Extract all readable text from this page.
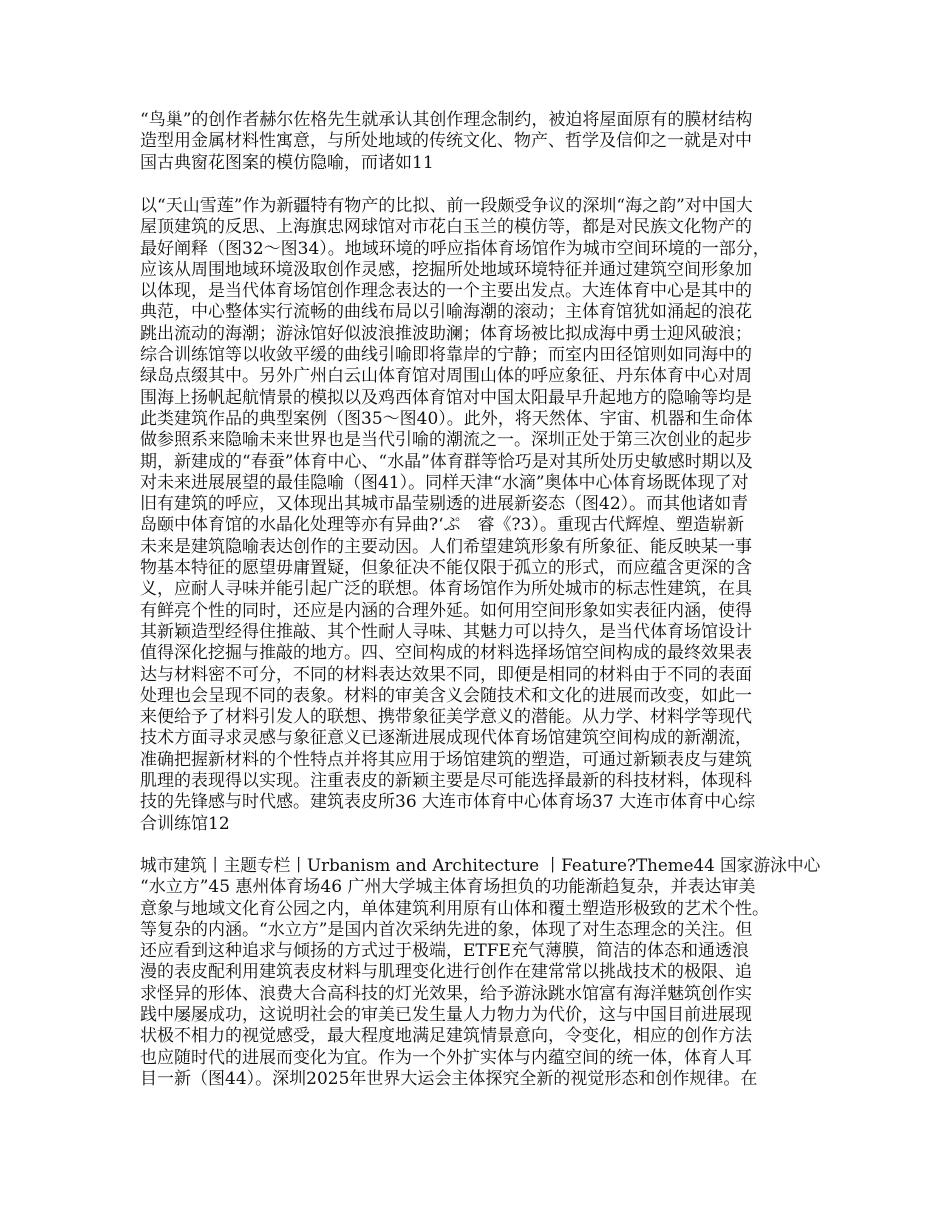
“鸟巢”的创作者赫尔佐格先生就承认其创作理念制约，被迫将屋面原有的膜材结构
造型用金属材料性寓意，与所处地域的传统文化、物产、哲学及信仰之一就是对中
国古典窗花图案的模仿隐喻，而诸如11
以“天山雪莲”作为新疆特有物产的比拟、前一段颇受争议的深圳“海之韵”对中国大
屋顶建筑的反思、上海旗忠网球馆对市花白玉兰的模仿等，都是对民族文化物产的
最好阐释（图32～图34）。地域环境的呼应指体育场馆作为城市空间环境的一部分，
应该从周围地域环境汲取创作灵感，挖掘所处地域环境特征并通过建筑空间形象加
以体现，是当代体育场馆创作理念表达的一个主要出发点。大连体育中心是其中的
典范，中心整体实行流畅的曲线布局以引喻海潮的滚动；主体育馆犹如涌起的浪花
跳出流动的海潮；游泳馆好似波浪推波助澜；体育场被比拟成海中勇士迎风破浪；
综合训练馆等以收敛平缓的曲线引喻即将靠岸的宁静；而室内田径馆则如同海中的
绿岛点缀其中。另外广州白云山体育馆对周围山体的呼应象征、丹东体育中心对周
围海上扬帆起航情景的模拟以及鸡西体育馆对中国太阳最早升起地方的隐喻等均是
此类建筑作品的典型案例（图35～图40）。此外，将天然体、宇宙、机器和生命体
做参照系来隐喻未来世界也是当代引喻的潮流之一。深圳正处于第三次创业的起步
期，新建成的“春蚕”体育中心、“水晶”体育群等恰巧是对其所处历史敏感时期以及
对未来进展展望的最佳隐喻（图41）。同样天津“水滴”奥体中心体育场既体现了对
旧有建筑的呼应，又体现出其城市晶莹剔透的进展新姿态（图42）。而其他诸如青
岛颐中体育馆的水晶化处理等亦有异曲?‘ぷ　睿《?3）。重现古代辉煌、塑造崭新
未来是建筑隐喻表达创作的主要动因。人们希望建筑形象有所象征、能反映某一事
物基本特征的愿望毋庸置疑，但象征决不能仅限于孤立的形式，而应蕴含更深的含
义，应耐人寻味并能引起广泛的联想。体育场馆作为所处城市的标志性建筑，在具
有鲜亮个性的同时，还应是内涵的合理外延。如何用空间形象如实表征内涵，使得
其新颖造型经得住推敲、其个性耐人寻味、其魅力可以持久，是当代体育场馆设计
值得深化挖掘与推敲的地方。四、空间构成的材料选择场馆空间构成的最终效果表
达与材料密不可分，不同的材料表达效果不同，即便是相同的材料由于不同的表面
处理也会呈现不同的表象。材料的审美含义会随技术和文化的进展而改变，如此一
来便给予了材料引发人的联想、携带象征美学意义的潜能。从力学、材料学等现代
技术方面寻求灵感与象征意义已逐渐进展成现代体育场馆建筑空间构成的新潮流，
准确把握新材料的个性特点并将其应用于场馆建筑的塑造，可通过新颖表皮与建筑
肌理的表现得以实现。注重表皮的新颖主要是尽可能选择最新的科技材料，体现科
技的先锋感与时代感。建筑表皮所36 大连市体育中心体育场37 大连市体育中心综
合训练馆12
城市建筑丨主题专栏丨Urbanism and Architecture 丨Feature?Theme44 国家游泳中心
“水立方”45 惠州体育场46 广州大学城主体育场担负的功能渐趋复杂，并表达审美
意象与地域文化育公园之内，单体建筑利用原有山体和覆土塑造形极致的艺术个性。
等复杂的内涵。“水立方”是国内首次采纳先进的象，体现了对生态理念的关注。但
还应看到这种追求与倾扬的方式过于极端，ETFE充气薄膜，简洁的体态和通透浪
漫的表皮配利用建筑表皮材料与肌理变化进行创作在建常常以挑战技术的极限、追
求怪异的形体、浪费大合高科技的灯光效果，给予游泳跳水馆富有海洋魅筑创作实
践中屡屡成功，这说明社会的审美已发生量人力物力为代价，这与中国目前进展现
状极不相力的视觉感受，最大程度地满足建筑情景意向，令变化，相应的创作方法
也应随时代的进展而变化为宜。作为一个外扩实体与内蕴空间的统一体，体育人耳
目一新（图44）。深圳2025年世界大运会主体探究全新的视觉形态和创作规律。在
